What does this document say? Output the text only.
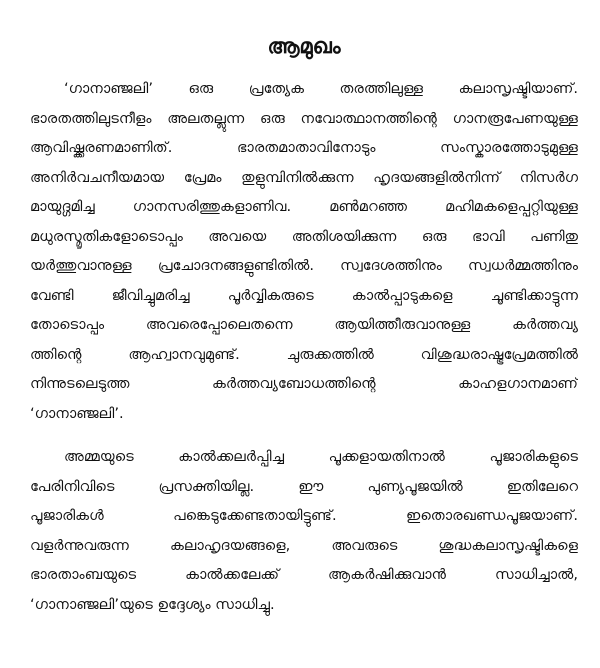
ആമുഖം
‘ഗാനാഞ്ജലി’ ഒരു പ്രത്യേക തരത്തിലുള്ള കലാസൃഷ്ടിയാണ്.
ഭാരതത്തിലുടനീളം അലതല്ലുന്ന ഒരു നവോത്ഥാനത്തിന്റെ ഗാനരൂപേണയുള്ള
ആവിഷ്ക്കരണമാണിത്. ഭാരതമാതാവിനോടും സംസ്കാരത്തോടുമുള്ള
അനിർവചനീയമായ പ്രേമം തുളുമ്പിനിൽക്കുന്ന ഹൃദയങ്ങളിൽനിന്ന് നിസർഗ
മായുദ്ഗമിച്ച ഗാനസരിത്തുകളാണിവ. മൺമറഞ്ഞ മഹിമകളെപ്പറ്റിയുള്ള
മധുരസ്മൃതികളോടൊപ്പം അവയെ അതിശയിക്കുന്ന ഒരു ഭാവി പണിതു
യർത്തുവാനുള്ള പ്രചോദനങ്ങളുണ്ടിതിൽ. സ്വദേശത്തിനും സ്വധർമ്മത്തിനും
വേണ്ടി ജീവിച്ചുമരിച്ച പൂർവ്വികരുടെ കാൽപ്പാടുകളെ ചൂണ്ടിക്കാട്ടുന്ന
തോടൊപ്പം അവരെപ്പോലെതന്നെ ആയിത്തീരുവാനുള്ള കർത്തവ്യ
ത്തിന്റെ ആഹ്വാനവുമുണ്ട്. ചുരുക്കത്തിൽ വിശുദ്ധരാഷ്ട്രപ്രേമത്തിൽ
നിന്നുടലെടുത്ത കർത്തവ്യബോധത്തിന്റെ കാഹളഗാനമാണ്
‘ഗാനാഞ്ജലി’.
അമ്മയുടെ കാൽക്കലർപ്പിച്ച പൂക്കളായതിനാൽ പൂജാരികളുടെ
പേരിനിവിടെ പ്രസക്തിയില്ല. ഈ പുണ്യപൂജയിൽ ഇതിലേറെ
പൂജാരികൾ പങ്കെടുക്കേണ്ടതായിട്ടുണ്ട്. ഇതൊരഖണ്ഡപൂജയാണ്.
വളർന്നുവരുന്ന കലാഹൃദയങ്ങളെ, അവരുടെ ശുദ്ധകലാസൃഷ്ടികളെ
ഭാരതാംബയുടെ കാൽക്കലേക്ക് ആകർഷിക്കുവാൻ സാധിച്ചാൽ,
‘ഗാനാഞ്ജലി’യുടെ ഉദ്ദേശ്യം സാധിച്ചു.
